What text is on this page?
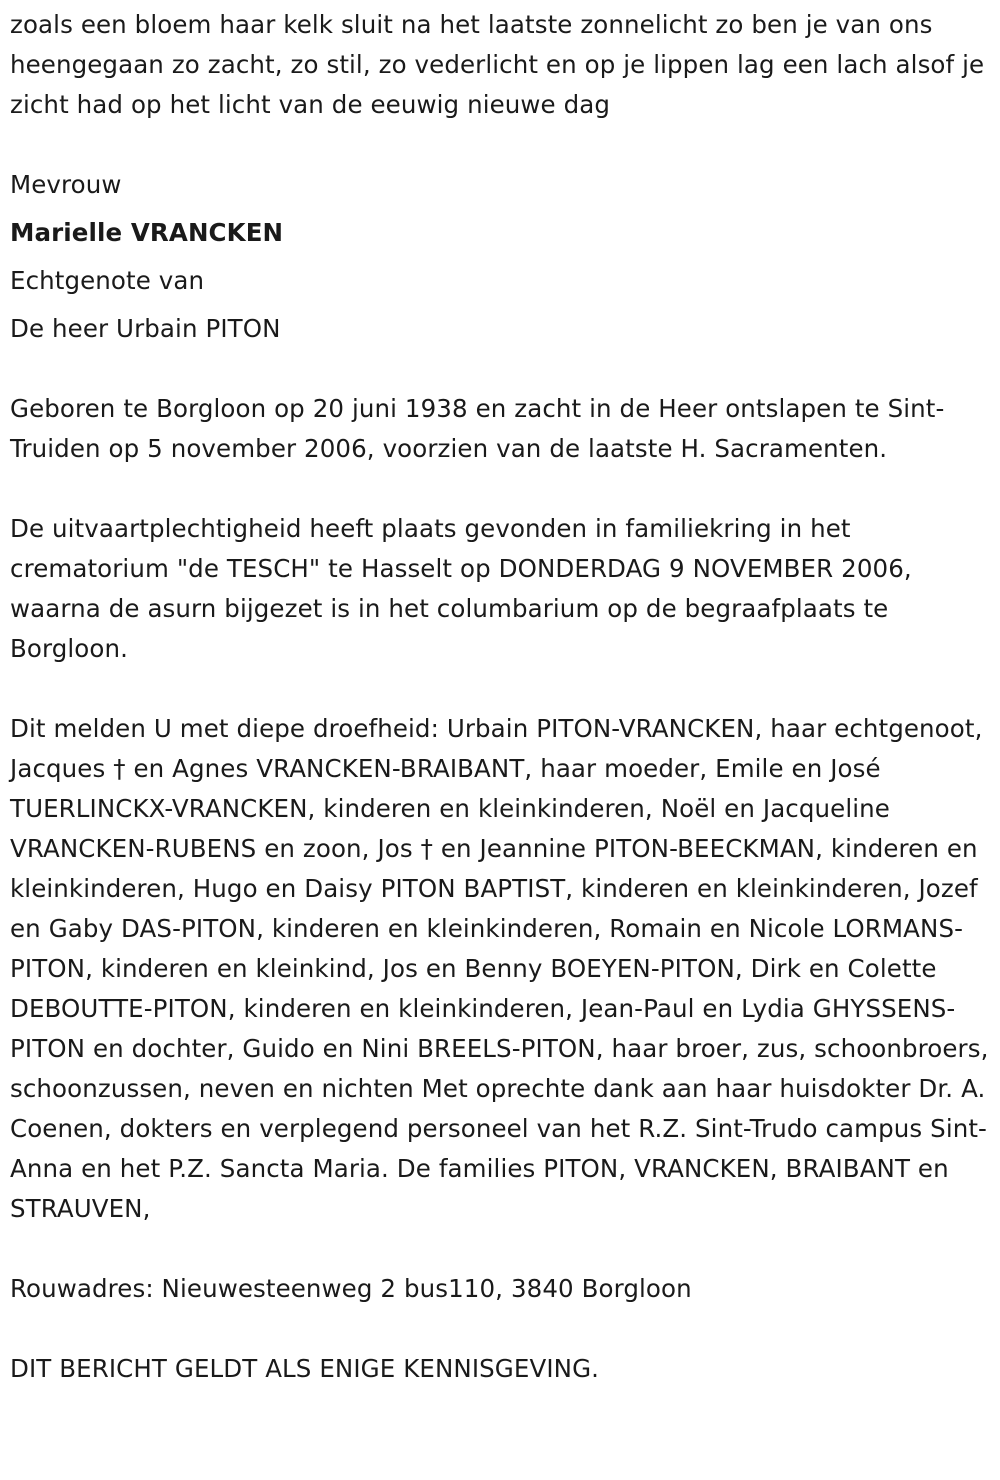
zoals een bloem haar kelk sluit na het laatste zonnelicht zo ben je van ons heengegaan zo zacht, zo stil, zo vederlicht en op je lippen lag een lach alsof je zicht had op het licht van de eeuwig nieuwe dag

Mevrouw

Marielle VRANCKEN

Echtgenote van

De heer Urbain PITON

Geboren te Borgloon op 20 juni 1938 en zacht in de Heer ontslapen te Sint-Truiden op 5 november 2006, voorzien van de laatste H. Sacramenten.

De uitvaartplechtigheid heeft plaats gevonden in familiekring in het crematorium "de TESCH" te Hasselt op DONDERDAG 9 NOVEMBER 2006, waarna de asurn bijgezet is in het columbarium op de begraafplaats te Borgloon.

Dit melden U met diepe droefheid: Urbain PITON-VRANCKEN, haar echtgenoot, Jacques † en Agnes VRANCKEN-BRAIBANT, haar moeder, Emile en José TUERLINCKX-VRANCKEN, kinderen en kleinkinderen, Noël en Jacqueline VRANCKEN-RUBENS en zoon, Jos † en Jeannine PITON-BEECKMAN, kinderen en kleinkinderen, Hugo en Daisy PITON BAPTIST, kinderen en kleinkinderen, Jozef en Gaby DAS-PITON, kinderen en kleinkinderen, Romain en Nicole LORMANS-PITON, kinderen en kleinkind, Jos en Benny BOEYEN-PITON, Dirk en Colette DEBOUTTE-PITON, kinderen en kleinkinderen, Jean-Paul en Lydia GHYSSENS-PITON en dochter, Guido en Nini BREELS-PITON, haar broer, zus, schoonbroers, schoonzussen, neven en nichten Met oprechte dank aan haar huisdokter Dr. A. Coenen, dokters en verplegend personeel van het R.Z. Sint-Trudo campus Sint-Anna en het P.Z. Sancta Maria. De families PITON, VRANCKEN, BRAIBANT en STRAUVEN,

Rouwadres: Nieuwesteenweg 2 bus110, 3840 Borgloon

DIT BERICHT GELDT ALS ENIGE KENNISGEVING.
